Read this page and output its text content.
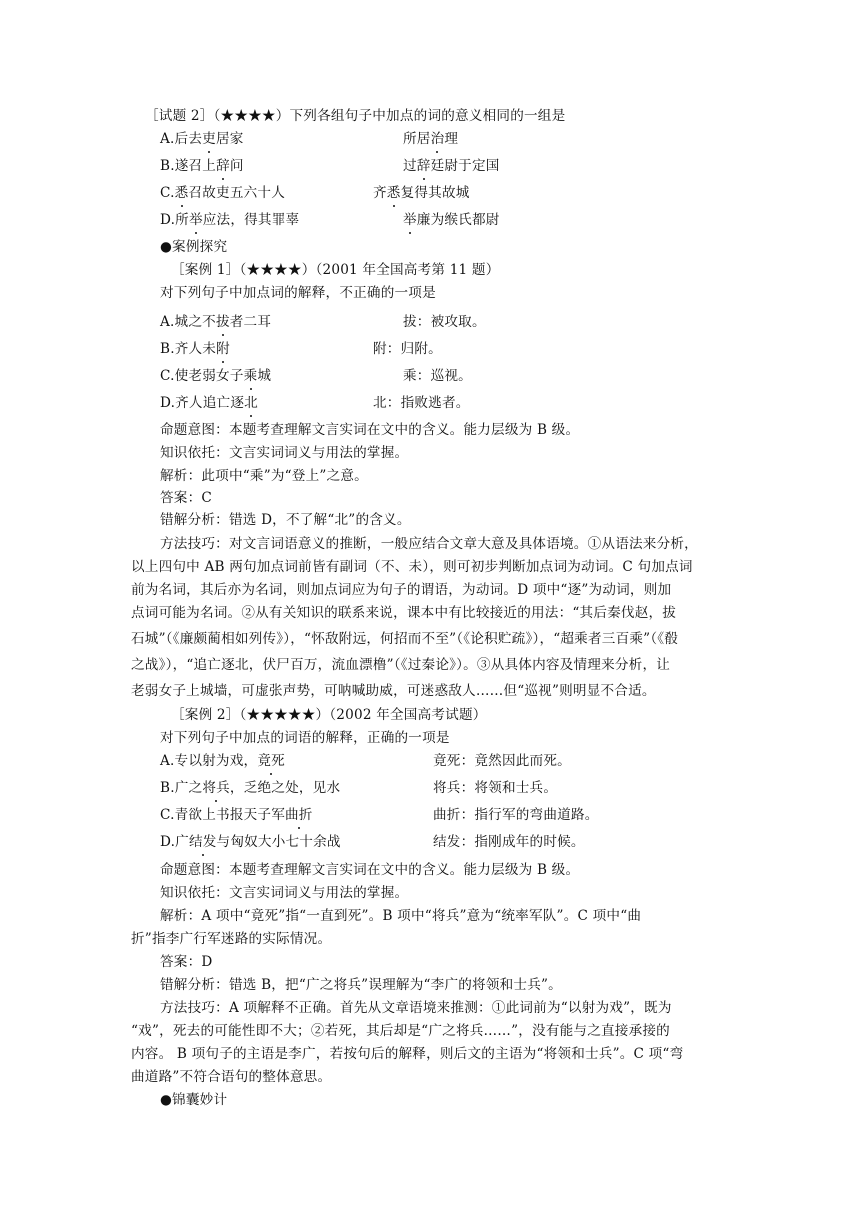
［试题 2］（★★★★）下列各组句子中加点的词的意义相同的一组是
A.后去吏居家	所居治理
B.遂召上辞问	过辞廷尉于定国
C.悉召故吏五六十人	齐悉复得其故城
D.所举应法，得其罪辜	举廉为缑氏都尉
●案例探究
［案例 1］（★★★★）（2001 年全国高考第 11 题）
对下列句子中加点词的解释，不正确的一项是
A.城之不拔者二耳	拔：被攻取。
B.齐人未附	附：归附。
C.使老弱女子乘城	乘：巡视。
D.齐人追亡逐北	北：指败逃者。
命题意图：本题考查理解文言实词在文中的含义。能力层级为 B 级。
知识依托：文言实词词义与用法的掌握。
解析：此项中“乘”为“登上”之意。
答案：C
错解分析：错选 D，不了解“北”的含义。
方法技巧：对文言词语意义的推断，一般应结合文章大意及具体语境。①从语法来分析，
以上四句中 AB 两句加点词前皆有副词（不、未），则可初步判断加点词为动词。C 句加点词
前为名词，其后亦为名词，则加点词应为句子的谓语，为动词。D 项中“逐”为动词，则加
点词可能为名词。②从有关知识的联系来说，课本中有比较接近的用法：“其后秦伐赵，拔
石城”（《廉颇蔺相如列传》），“怀敌附远，何招而不至”（《论积贮疏》），“超乘者三百乘”（《殽
之战》），“追亡逐北，伏尸百万，流血漂橹”（《过秦论》）。③从具体内容及情理来分析，让
老弱女子上城墙，可虚张声势，可呐喊助威，可迷惑敌人……但“巡视”则明显不合适。
［案例 2］（★★★★★）（2002 年全国高考试题）
对下列句子中加点的词语的解释，正确的一项是
A.专以射为戏，竟死	竟死：竟然因此而死。
B.广之将兵，乏绝之处，见水	将兵：将领和士兵。
C.青欲上书报天子军曲折	曲折：指行军的弯曲道路。
D.广结发与匈奴大小七十余战	结发：指刚成年的时候。
命题意图：本题考查理解文言实词在文中的含义。能力层级为 B 级。
知识依托：文言实词词义与用法的掌握。
解析：A 项中“竟死”指“一直到死”。B 项中“将兵”意为“统率军队”。C 项中“曲
折”指李广行军迷路的实际情况。
答案：D
错解分析：错选 B，把“广之将兵”误理解为“李广的将领和士兵”。
方法技巧：A 项解释不正确。首先从文章语境来推测：①此词前为“以射为戏”，既为
“戏”，死去的可能性即不大；②若死，其后却是“广之将兵……”，没有能与之直接承接的
内容。 B 项句子的主语是李广，若按句后的解释，则后文的主语为“将领和士兵”。C 项“弯
曲道路”不符合语句的整体意思。
●锦囊妙计
